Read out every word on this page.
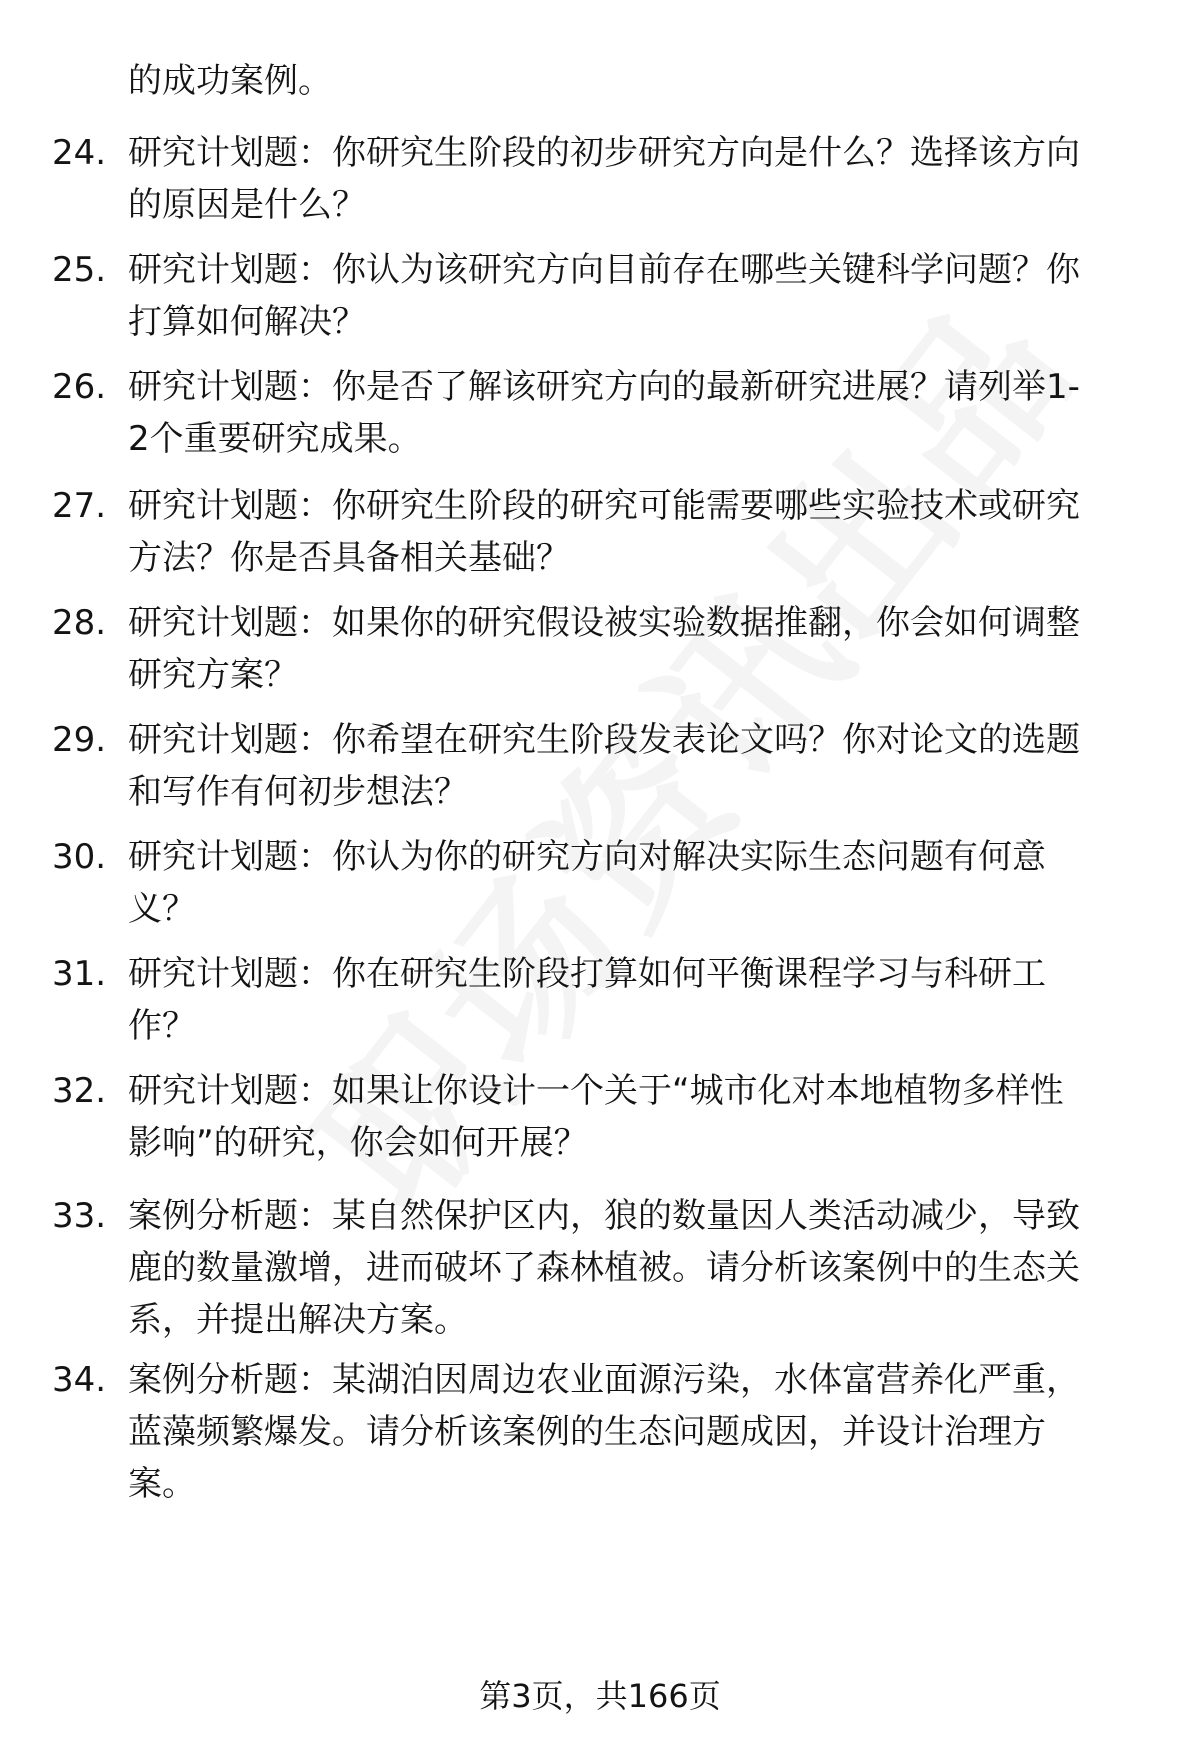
的成功案例。
24. 研究计划题：你研究生阶段的初步研究方向是什么？选择该方向
的原因是什么？
25. 研究计划题：你认为该研究方向目前存在哪些关键科学问题？你
打算如何解决？
26. 研究计划题：你是否了解该研究方向的最新研究进展？请列举1-
2个重要研究成果。
27. 研究计划题：你研究生阶段的研究可能需要哪些实验技术或研究
方法？你是否具备相关基础？
28. 研究计划题：如果你的研究假设被实验数据推翻，你会如何调整
研究方案？
29. 研究计划题：你希望在研究生阶段发表论文吗？你对论文的选题
和写作有何初步想法？
30. 研究计划题：你认为你的研究方向对解决实际生态问题有何意
义？
31. 研究计划题：你在研究生阶段打算如何平衡课程学习与科研工
作？
32. 研究计划题：如果让你设计一个关于“城市化对本地植物多样性
影响”的研究，你会如何开展？
33. 案例分析题：某自然保护区内，狼的数量因人类活动减少，导致
鹿的数量激增，进而破坏了森林植被。请分析该案例中的生态关
系，并提出解决方案。
34. 案例分析题：某湖泊因周边农业面源污染，水体富营养化严重，
蓝藻频繁爆发。请分析该案例的生态问题成因，并设计治理方
案。
第3页，共166页
